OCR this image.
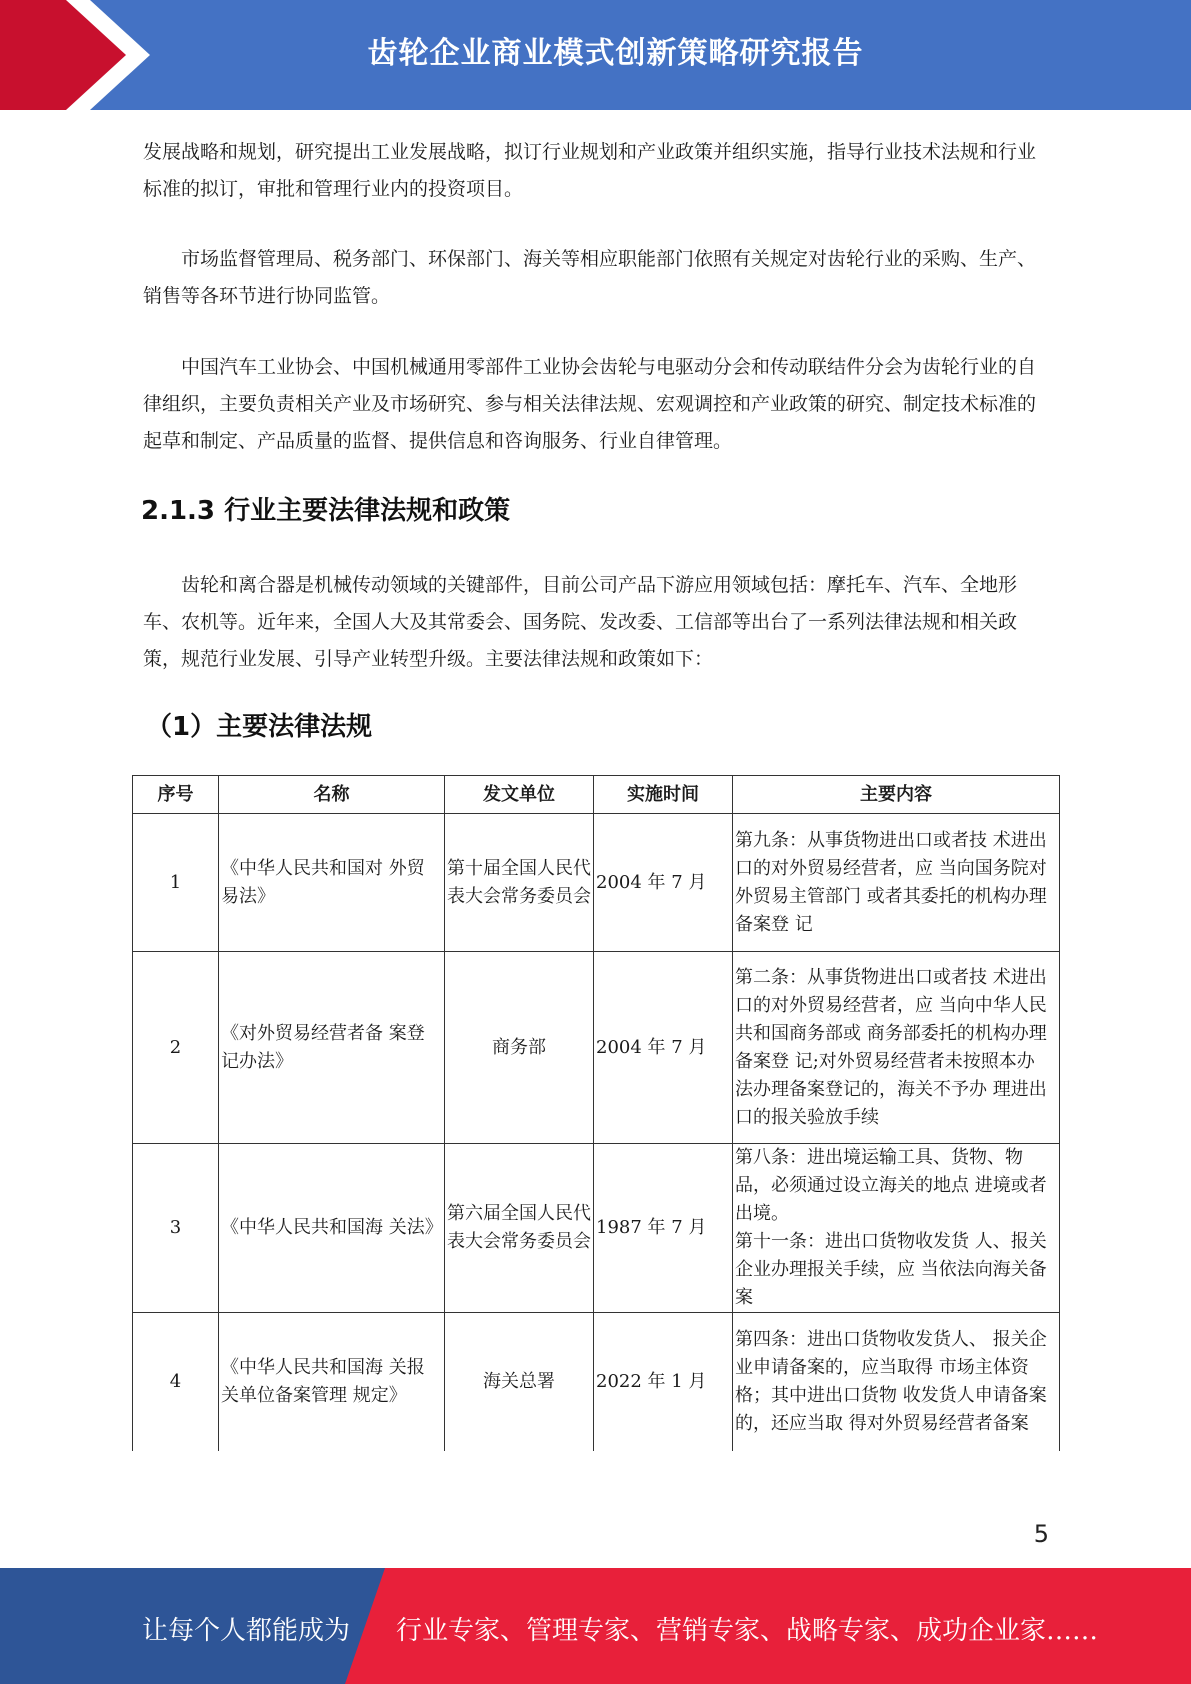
齿轮企业商业模式创新策略研究报告

发展战略和规划，研究提出工业发展战略，拟订行业规划和产业政策并组织实施，指导行业技术法规和行业标准的拟订，审批和管理行业内的投资项目。

市场监督管理局、税务部门、环保部门、海关等相应职能部门依照有关规定对齿轮行业的采购、生产、销售等各环节进行协同监管。

中国汽车工业协会、中国机械通用零部件工业协会齿轮与电驱动分会和传动联结件分会为齿轮行业的自律组织，主要负责相关产业及市场研究、参与相关法律法规、宏观调控和产业政策的研究、制定技术标准的起草和制定、产品质量的监督、提供信息和咨询服务、行业自律管理。

2.1.3 行业主要法律法规和政策

齿轮和离合器是机械传动领域的关键部件，目前公司产品下游应用领域包括：摩托车、汽车、全地形车、农机等。近年来，全国人大及其常委会、国务院、发改委、工信部等出台了一系列法律法规和相关政策，规范行业发展、引导产业转型升级。主要法律法规和政策如下：

（1）主要法律法规
序号	名称	发文单位	实施时间	主要内容
1	《中华人民共和国对 外贸易法》	第十届全国人民代表大会常务委员会	2004 年 7 月	第九条：从事货物进出口或者技 术进出口的对外贸易经营者，应 当向国务院对外贸易主管部门 或者其委托的机构办理备案登 记
2	《对外贸易经营者备 案登记办法》	商务部	2004 年 7 月	第二条：从事货物进出口或者技 术进出口的对外贸易经营者，应 当向中华人民共和国商务部或 商务部委托的机构办理备案登 记;对外贸易经营者未按照本办 法办理备案登记的，海关不予办 理进出口的报关验放手续
3	《中华人民共和国海 关法》	第六届全国人民代表大会常务委员会	1987 年 7 月	第八条：进出境运输工具、货物、物品，必须通过设立海关的地点 进境或者出境。
第十一条：进出口货物收发货 人、报关企业办理报关手续，应 当依法向海关备案
4	《中华人民共和国海 关报关单位备案管理 规定》	海关总署	2022 年 1 月	第四条：进出口货物收发货人、 报关企业申请备案的，应当取得 市场主体资格；其中进出口货物 收发货人申请备案的，还应当取 得对外贸易经营者备案
5
让每个人都能成为 行业专家、管理专家、营销专家、战略专家、成功企业家……
